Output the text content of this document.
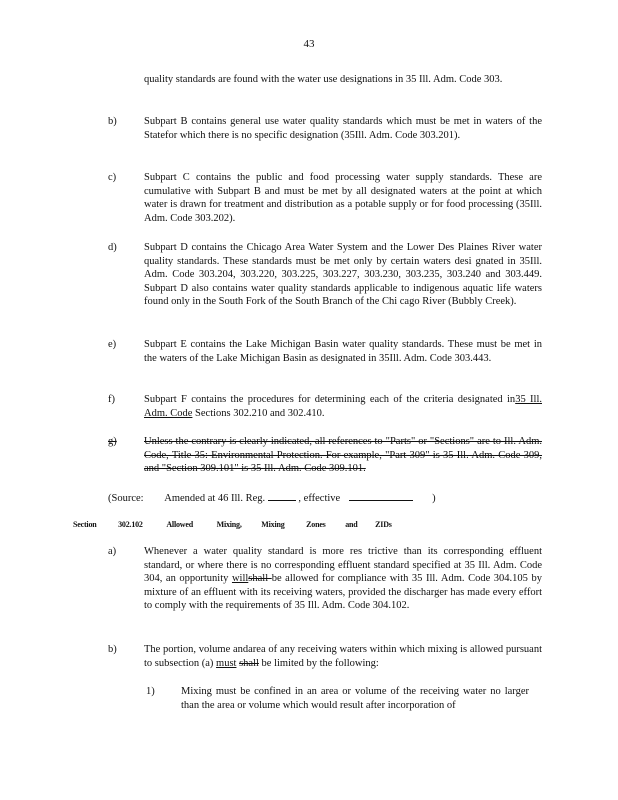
43
quality standards are found with the water use designations in 35 Ill. Adm. Code 303.
b)	Subpart B contains general use water quality standards which must be met in waters of the Statefor which there is no specific designation (35Ill. Adm. Code 303.201).
c)	Subpart C contains the public and food processing water supply standards. These are cumulative with Subpart B and must be met by all designated waters at the point at which water is drawn for treatment and distribution as a potable supply or for food processing (35Ill. Adm. Code 303.202).
d)	Subpart D contains the Chicago Area Water System and the Lower Des Plaines River water quality standards. These standards must be met only by certain waters desi gnated in 35Ill. Adm. Code 303.204, 303.220, 303.225, 303.227, 303.230, 303.235, 303.240 and 303.449. Subpart D also contains water quality standards applicable to indigenous aquatic life waters found only in the South Fork of the South Branch of the Chi cago River (Bubbly Creek).
e)	Subpart E contains the Lake Michigan Basin water quality standards. These must be met in the waters of the Lake Michigan Basin as designated in 35Ill. Adm. Code 303.443.
f)	Subpart F contains the procedures for determining each of the criteria designated in35 Ill. Adm. Code Sections 302.210 and 302.410.
g)	Unless the contrary is clearly indicated, all references to "Parts" or "Sections" are to Ill. Adm. Code, Title 35: Environmental Protection. For example, "Part 309" is 35 Ill. Adm. Code 309, and "Section 309.101" is 35 Ill. Adm. Code 309.101.
(Source: Amended at 46 Ill. Reg.	, effective	)
Section	302.102	Allowed	Mixing, Mixing	Zones and ZIDs
a)	Whenever a water quality standard is more res trictive than its corresponding effluent standard, or where there is no corresponding effluent standard specified at 35 Ill. Adm. Code 304, an opportunity willshall be allowed for compliance with 35 Ill. Adm. Code 304.105 by mixture of an effluent with its receiving waters, provided the discharger has made every effort to comply with the requirements of 35 Ill. Adm. Code 304.102.
b)	The portion, volume andarea of any receiving waters within which mixing is allowed pursuant to subsection (a) must shall be limited by the following:
1)	Mixing must be confined in an area or volume of the receiving water no larger than the area or volume which would result after incorporation of
